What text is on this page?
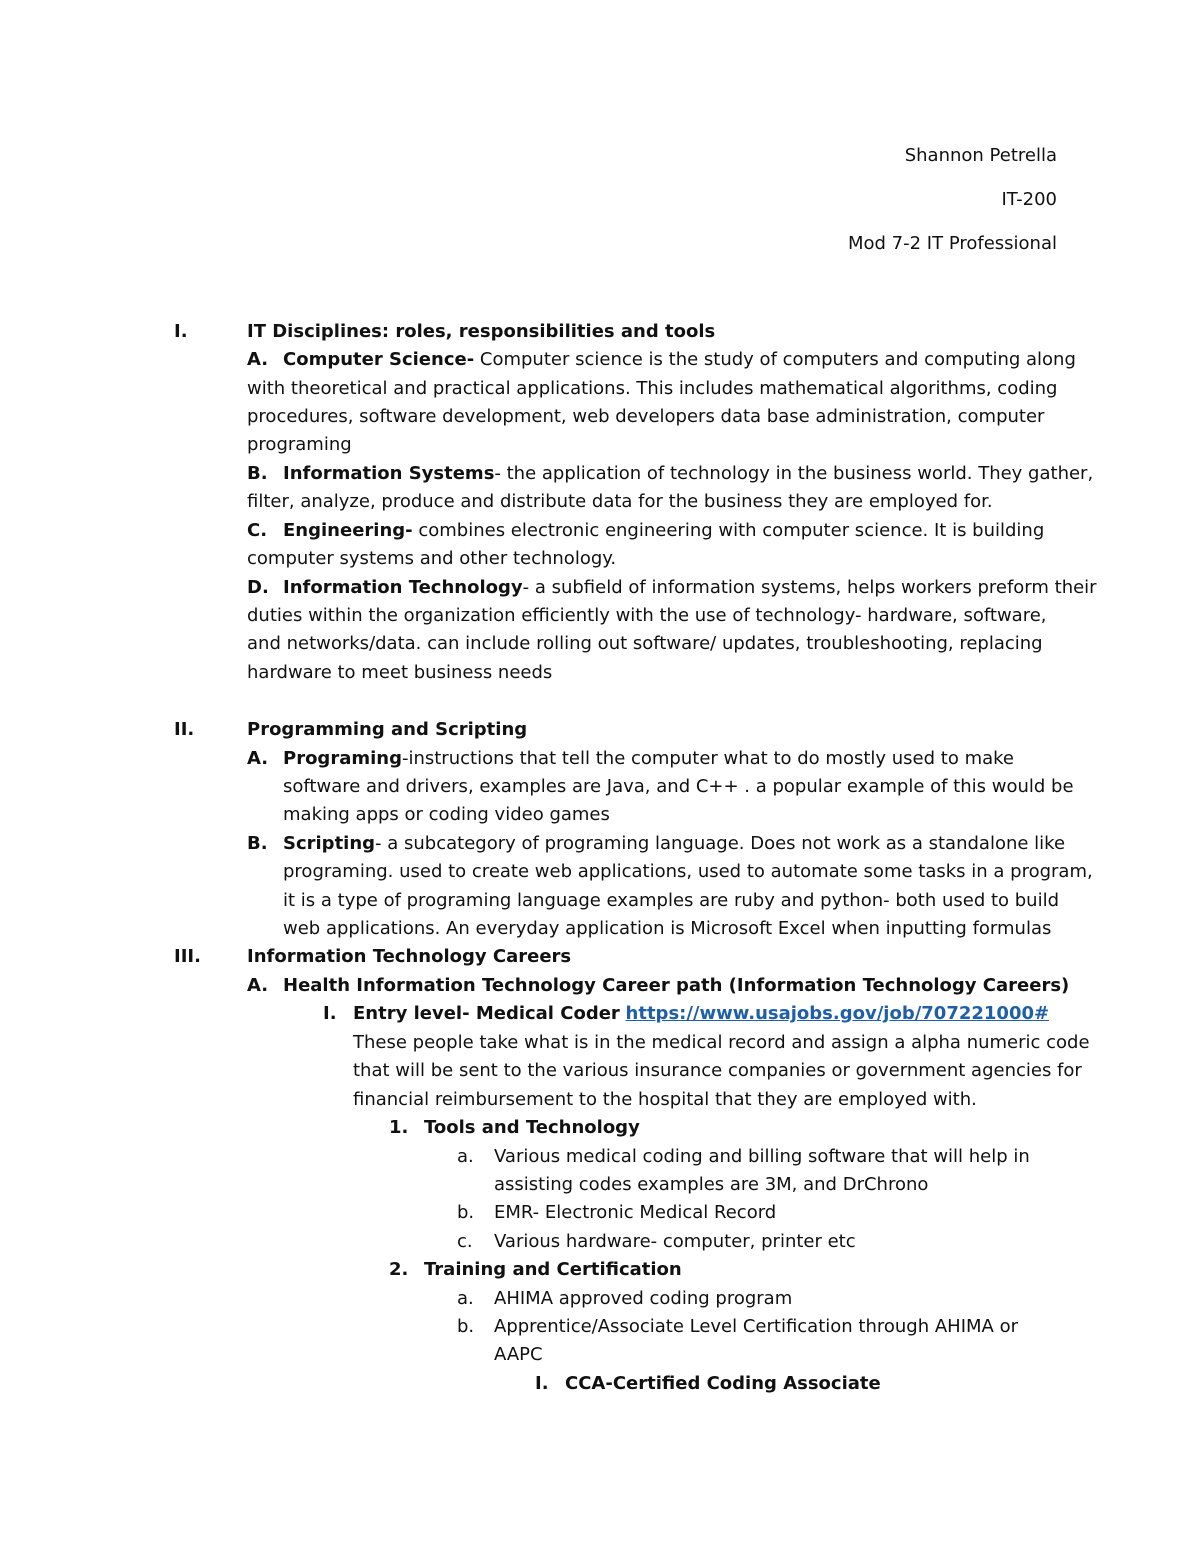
Shannon Petrella
IT-200
Mod 7-2 IT Professional
I.	IT Disciplines: roles, responsibilities and tools
A. Computer Science- Computer science is the study of computers and computing along
with theoretical and practical applications. This includes mathematical algorithms, coding
procedures, software development, web developers data base administration, computer
programing
B. Information Systems- the application of technology in the business world. They gather,
filter, analyze, produce and distribute data for the business they are employed for.
C. Engineering- combines electronic engineering with computer science. It is building
computer systems and other technology.
D. Information Technology- a subfield of information systems, helps workers preform their
duties within the organization efficiently with the use of technology- hardware, software,
and networks/data. can include rolling out software/ updates, troubleshooting, replacing
hardware to meet business needs
II.	Programming and Scripting
A. Programing-instructions that tell the computer what to do mostly used to make
software and drivers, examples are Java, and C++ . a popular example of this would be
making apps or coding video games
B. Scripting- a subcategory of programing language. Does not work as a standalone like
programing. used to create web applications, used to automate some tasks in a program,
it is a type of programing language examples are ruby and python- both used to build
web applications. An everyday application is Microsoft Excel when inputting formulas
III.	Information Technology Careers
A. Health Information Technology Career path (Information Technology Careers)
I. Entry level- Medical Coder https://www.usajobs.gov/job/707221000#
These people take what is in the medical record and assign a alpha numeric code
that will be sent to the various insurance companies or government agencies for
financial reimbursement to the hospital that they are employed with.
1. Tools and Technology
a. Various medical coding and billing software that will help in
assisting codes examples are 3M, and DrChrono
b. EMR- Electronic Medical Record
c. Various hardware- computer, printer etc
2. Training and Certification
a. AHIMA approved coding program
b. Apprentice/Associate Level Certification through AHIMA or
AAPC
I. CCA-Certified Coding Associate
